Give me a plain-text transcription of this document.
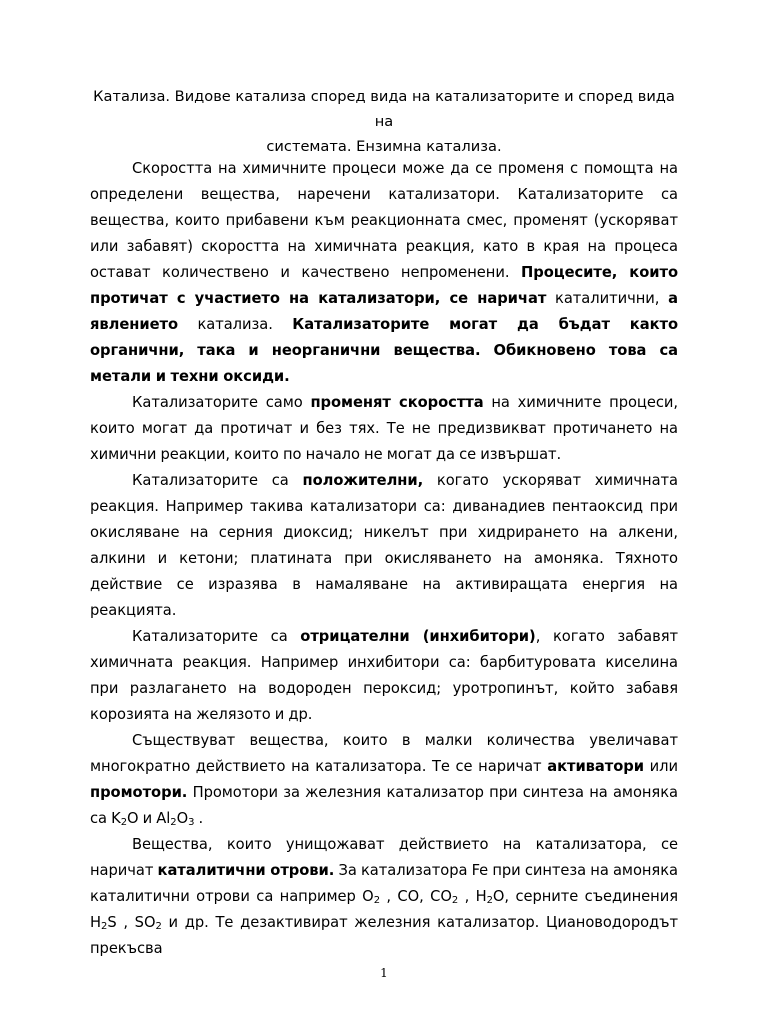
Катализа. Видове катализа според вида на катализаторите и според вида на
системата. Ензимна катализа.

Скоростта на химичните процеси може да се променя с помощта на определени вещества, наречени катализатори. Катализаторите са вещества, които прибавени към реакционната смес, променят (ускоряват или забавят) скоростта на химичната реакция, като в края на процеса остават количествено и качествено непроменени. Процесите, които протичат с участието на катализатори, се наричат каталитични, а явлението катализа. Катализаторите могат да бъдат както органични, така и неорганични вещества. Обикновено това са метали и техни оксиди.

Катализаторите само променят скоростта на химичните процеси, които могат да протичат и без тях. Те не предизвикват протичането на химични реакции, които по начало не могат да се извършат.

Катализаторите са положителни, когато ускоряват химичната реакция. Например такива катализатори са: диванадиев пентаоксид при окисляване на серния диоксид; никелът при хидрирането на алкени, алкини и кетони; платината при окисляването на амоняка. Тяхното действие се изразява в намаляване на активиращата енергия на реакцията.

Катализаторите са отрицателни (инхибитори), когато забавят химичната реакция. Например инхибитори са: барбитуровата киселина при разлагането на водороден пероксид; уротропинът, който забавя корозията на желязото и др.

Съществуват вещества, които в малки количества увеличават многократно действието на катализатора. Те се наричат активатори или промотори. Промотори за железния катализатор при синтеза на амоняка са $K_2O$ и $Al_2O_3$ .

Вещества, които унищожават действието на катализатора, се наричат каталитични отрови. За катализатора Fe при синтеза на амоняка каталитични отрови са например $O_2$ , CO, $CO_2$ , $H_2O$, серните съединения $H_2S$ , $SO_2$ и др. Те дезактивират железния катализатор. Циановодородът прекъсва

1
